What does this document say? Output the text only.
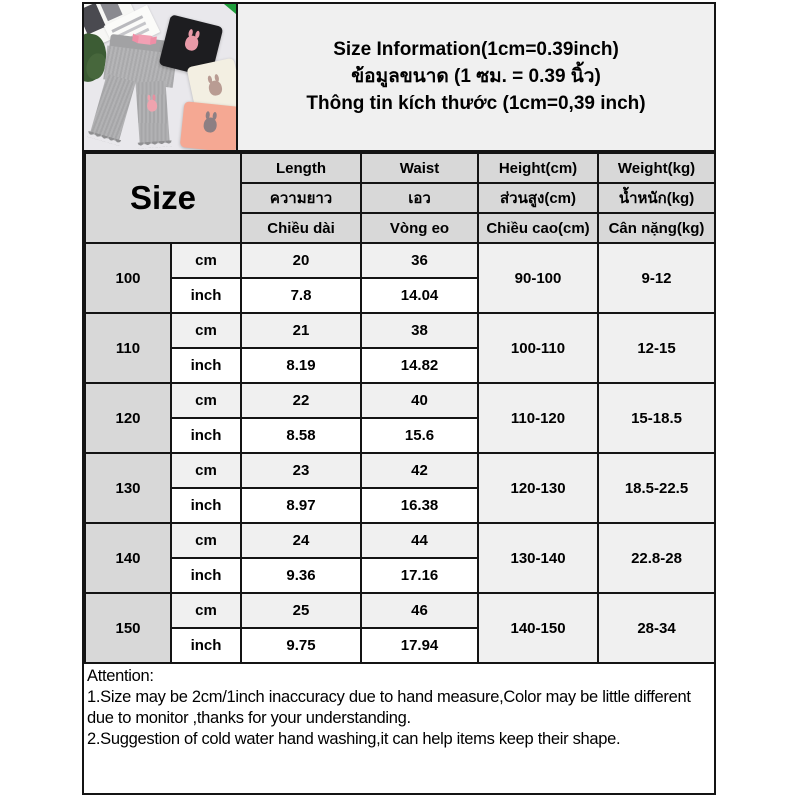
Size Information(1cm=0.39inch)
ข้อมูลขนาด (1 ซม. = 0.39 นิ้ว)
Thông tin kích thước (1cm=0,39 inch)
Size		Length	Waist	Height(cm)	Weight(kg)
		ความยาว	เอว	ส่วนสูง(cm)	น้ำหนัก(kg)
		Chiều dài	Vòng eo	Chiều cao(cm)	Cân nặng(kg)
100	cm	20	36	90-100	9-12
	inch	7.8	14.04		
110	cm	21	38	100-110	12-15
	inch	8.19	14.82		
120	cm	22	40	110-120	15-18.5
	inch	8.58	15.6		
130	cm	23	42	120-130	18.5-22.5
	inch	8.97	16.38		
140	cm	24	44	130-140	22.8-28
	inch	9.36	17.16		
150	cm	25	46	140-150	28-34
	inch	9.75	17.94		
Attention:
1.Size may be 2cm/1inch inaccuracy due to hand measure,Color may be little different due to monitor ,thanks for your understanding.
2.Suggestion of cold water hand washing,it can help items keep their shape.
